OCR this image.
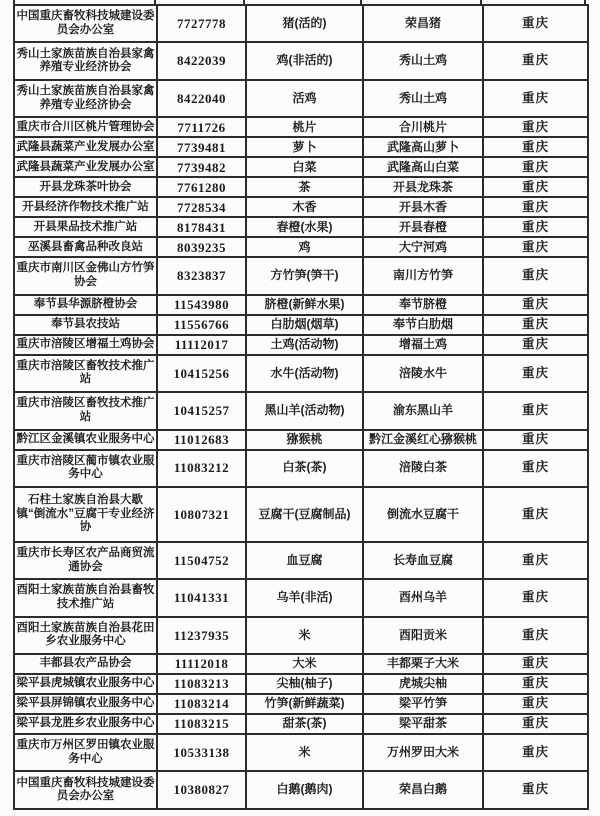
中国重庆畜牧科技城建设委员会办公室	7727778	猪(活的)	荣昌猪	重庆
秀山土家族苗族自治县家禽养殖专业经济协会	8422039	鸡(非活的)	秀山土鸡	重庆
秀山土家族苗族自治县家禽养殖专业经济协会	8422040	活鸡	秀山土鸡	重庆
重庆市合川区桃片管理协会	7711726	桃片	合川桃片	重庆
武隆县蔬菜产业发展办公室	7739481	萝卜	武隆高山萝卜	重庆
武隆县蔬菜产业发展办公室	7739482	白菜	武隆高山白菜	重庆
开县龙珠茶叶协会	7761280	茶	开县龙珠茶	重庆
开县经济作物技术推广站	7728534	木香	开县木香	重庆
开县果品技术推广站	8178431	春橙(水果)	开县春橙	重庆
巫溪县畜禽品种改良站	8039235	鸡	大宁河鸡	重庆
重庆市南川区金佛山方竹笋协会	8323837	方竹笋(笋干)	南川方竹笋	重庆
奉节县华源脐橙协会	11543980	脐橙(新鲜水果)	奉节脐橙	重庆
奉节县农技站	11556766	白肋烟(烟草)	奉节白肋烟	重庆
重庆市涪陵区增福土鸡协会	11112017	土鸡(活动物)	增福土鸡	重庆
重庆市涪陵区畜牧技术推广站	10415256	水牛(活动物)	涪陵水牛	重庆
重庆市涪陵区畜牧技术推广站	10415257	黑山羊(活动物)	渝东黑山羊	重庆
黔江区金溪镇农业服务中心	11012683	猕猴桃	黔江金溪红心猕猴桃	重庆
重庆市涪陵区蔺市镇农业服务中心	11083212	白茶(茶)	涪陵白茶	重庆
石柱土家族自治县大歇镇“倒流水”豆腐干专业经济协	10807321	豆腐干(豆腐制品)	倒流水豆腐干	重庆
重庆市长寿区农产品商贸流通协会	11504752	血豆腐	长寿血豆腐	重庆
酉阳土家族苗族自治县畜牧技术推广站	11041331	乌羊(非活)	酉州乌羊	重庆
酉阳土家族苗族自治县花田乡农业服务中心	11237935	米	酉阳贡米	重庆
丰都县农产品协会	11112018	大米	丰都栗子大米	重庆
梁平县虎城镇农业服务中心	11083213	尖柚(柚子)	虎城尖柚	重庆
梁平县屏锦镇农业服务中心	11083214	竹笋(新鲜蔬菜)	梁平竹笋	重庆
梁平县龙胜乡农业服务中心	11083215	甜茶(茶)	梁平甜茶	重庆
重庆市万州区罗田镇农业服务中心	10533138	米	万州罗田大米	重庆
中国重庆畜牧科技城建设委员会办公室	10380827	白鹅(鹅肉)	荣昌白鹅	重庆
